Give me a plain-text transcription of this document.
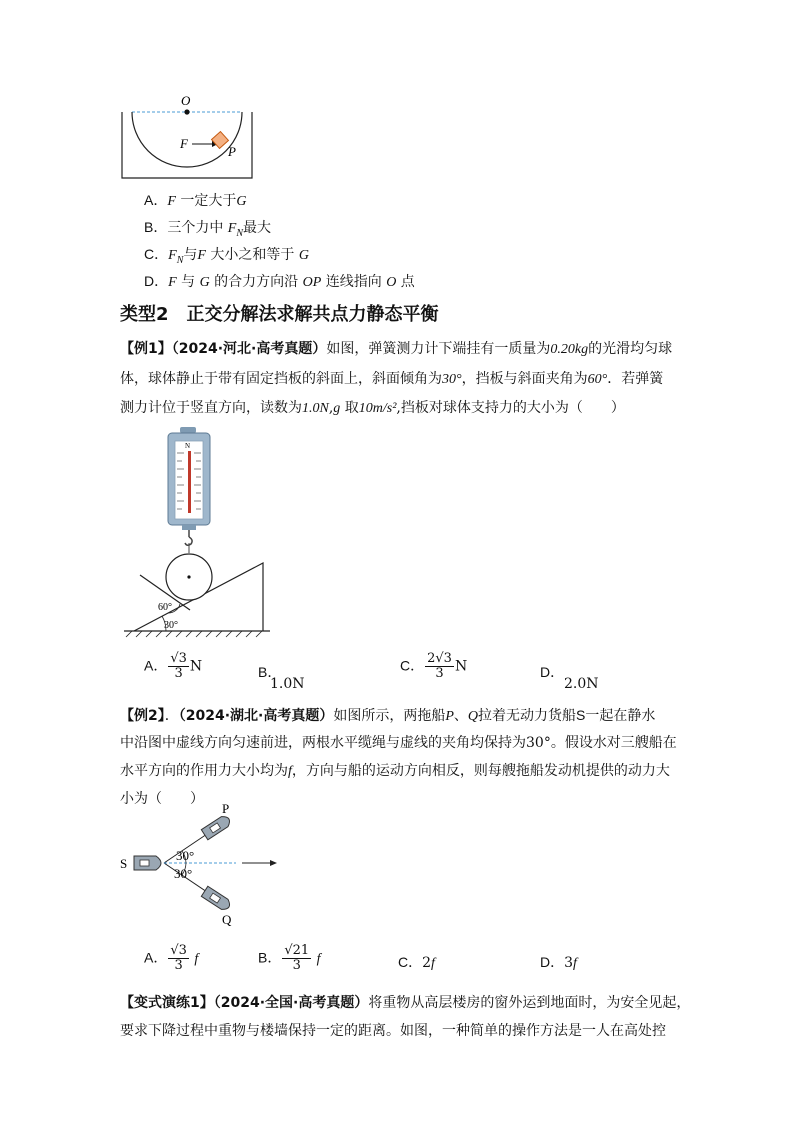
O
F
P
A．F 一定大于G
B．三个力中 $F_N$最大
C．$F_N$与F 大小之和等于 G
D．F 与 G 的合力方向沿 OP 连线指向 O 点
类型2　正交分解法求解共点力静态平衡
【例1】（2024·河北·高考真题）如图，弹簧测力计下端挂有一质量为0.20kg的光滑均匀球
体，球体静止于带有固定挡板的斜面上，斜面倾角为30°，挡板与斜面夹角为60°．若弹簧
测力计位于竖直方向，读数为1.0N,g 取10m/s²,挡板对球体支持力的大小为（　　）
N
60°
30°
A． $\frac{√3}{3}$ N	B．
1.0N
C． $\frac{2√3}{3}$ N	D．
2.0N
【例2】．（2024·湖北·高考真题）如图所示，两拖船P、Q拉着无动力货船S一起在静水
中沿图中虚线方向匀速前进，两根水平缆绳与虚线的夹角均保持为30°。假设水对三艘船在
水平方向的作用力大小均为f，方向与船的运动方向相反，则每艘拖船发动机提供的动力大
小为（　　）
P
Q
S
30°
30°
A． $\frac{√3}{3}$ f	B． $\frac{√21}{3}$ f	C．2f	D．3f
【变式演练1】（2024·全国·高考真题）将重物从高层楼房的窗外运到地面时，为安全见起，
要求下降过程中重物与楼墙保持一定的距离。如图，一种简单的操作方法是一人在高处控
